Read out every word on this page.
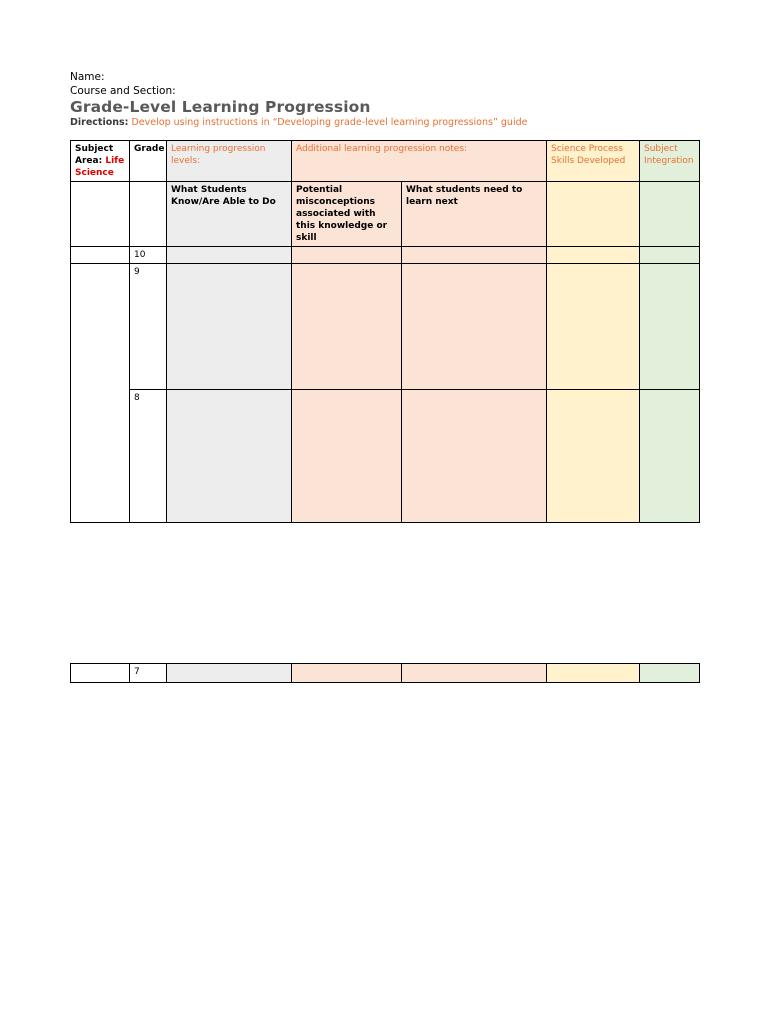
Name:

Course and Section:

Grade-Level Learning Progression

Directions: Develop using instructions in “Developing grade-level learning progressions” guide

Subject Area: Life Science	Grade	Learning progression levels:	Additional learning progression notes:		Science Process Skills Developed	Subject Integration
		What Students Know/Are Able to Do	Potential misconceptions associated with this knowledge or skill	What students need to learn next		
	10					
	9					
	8					
	7					
